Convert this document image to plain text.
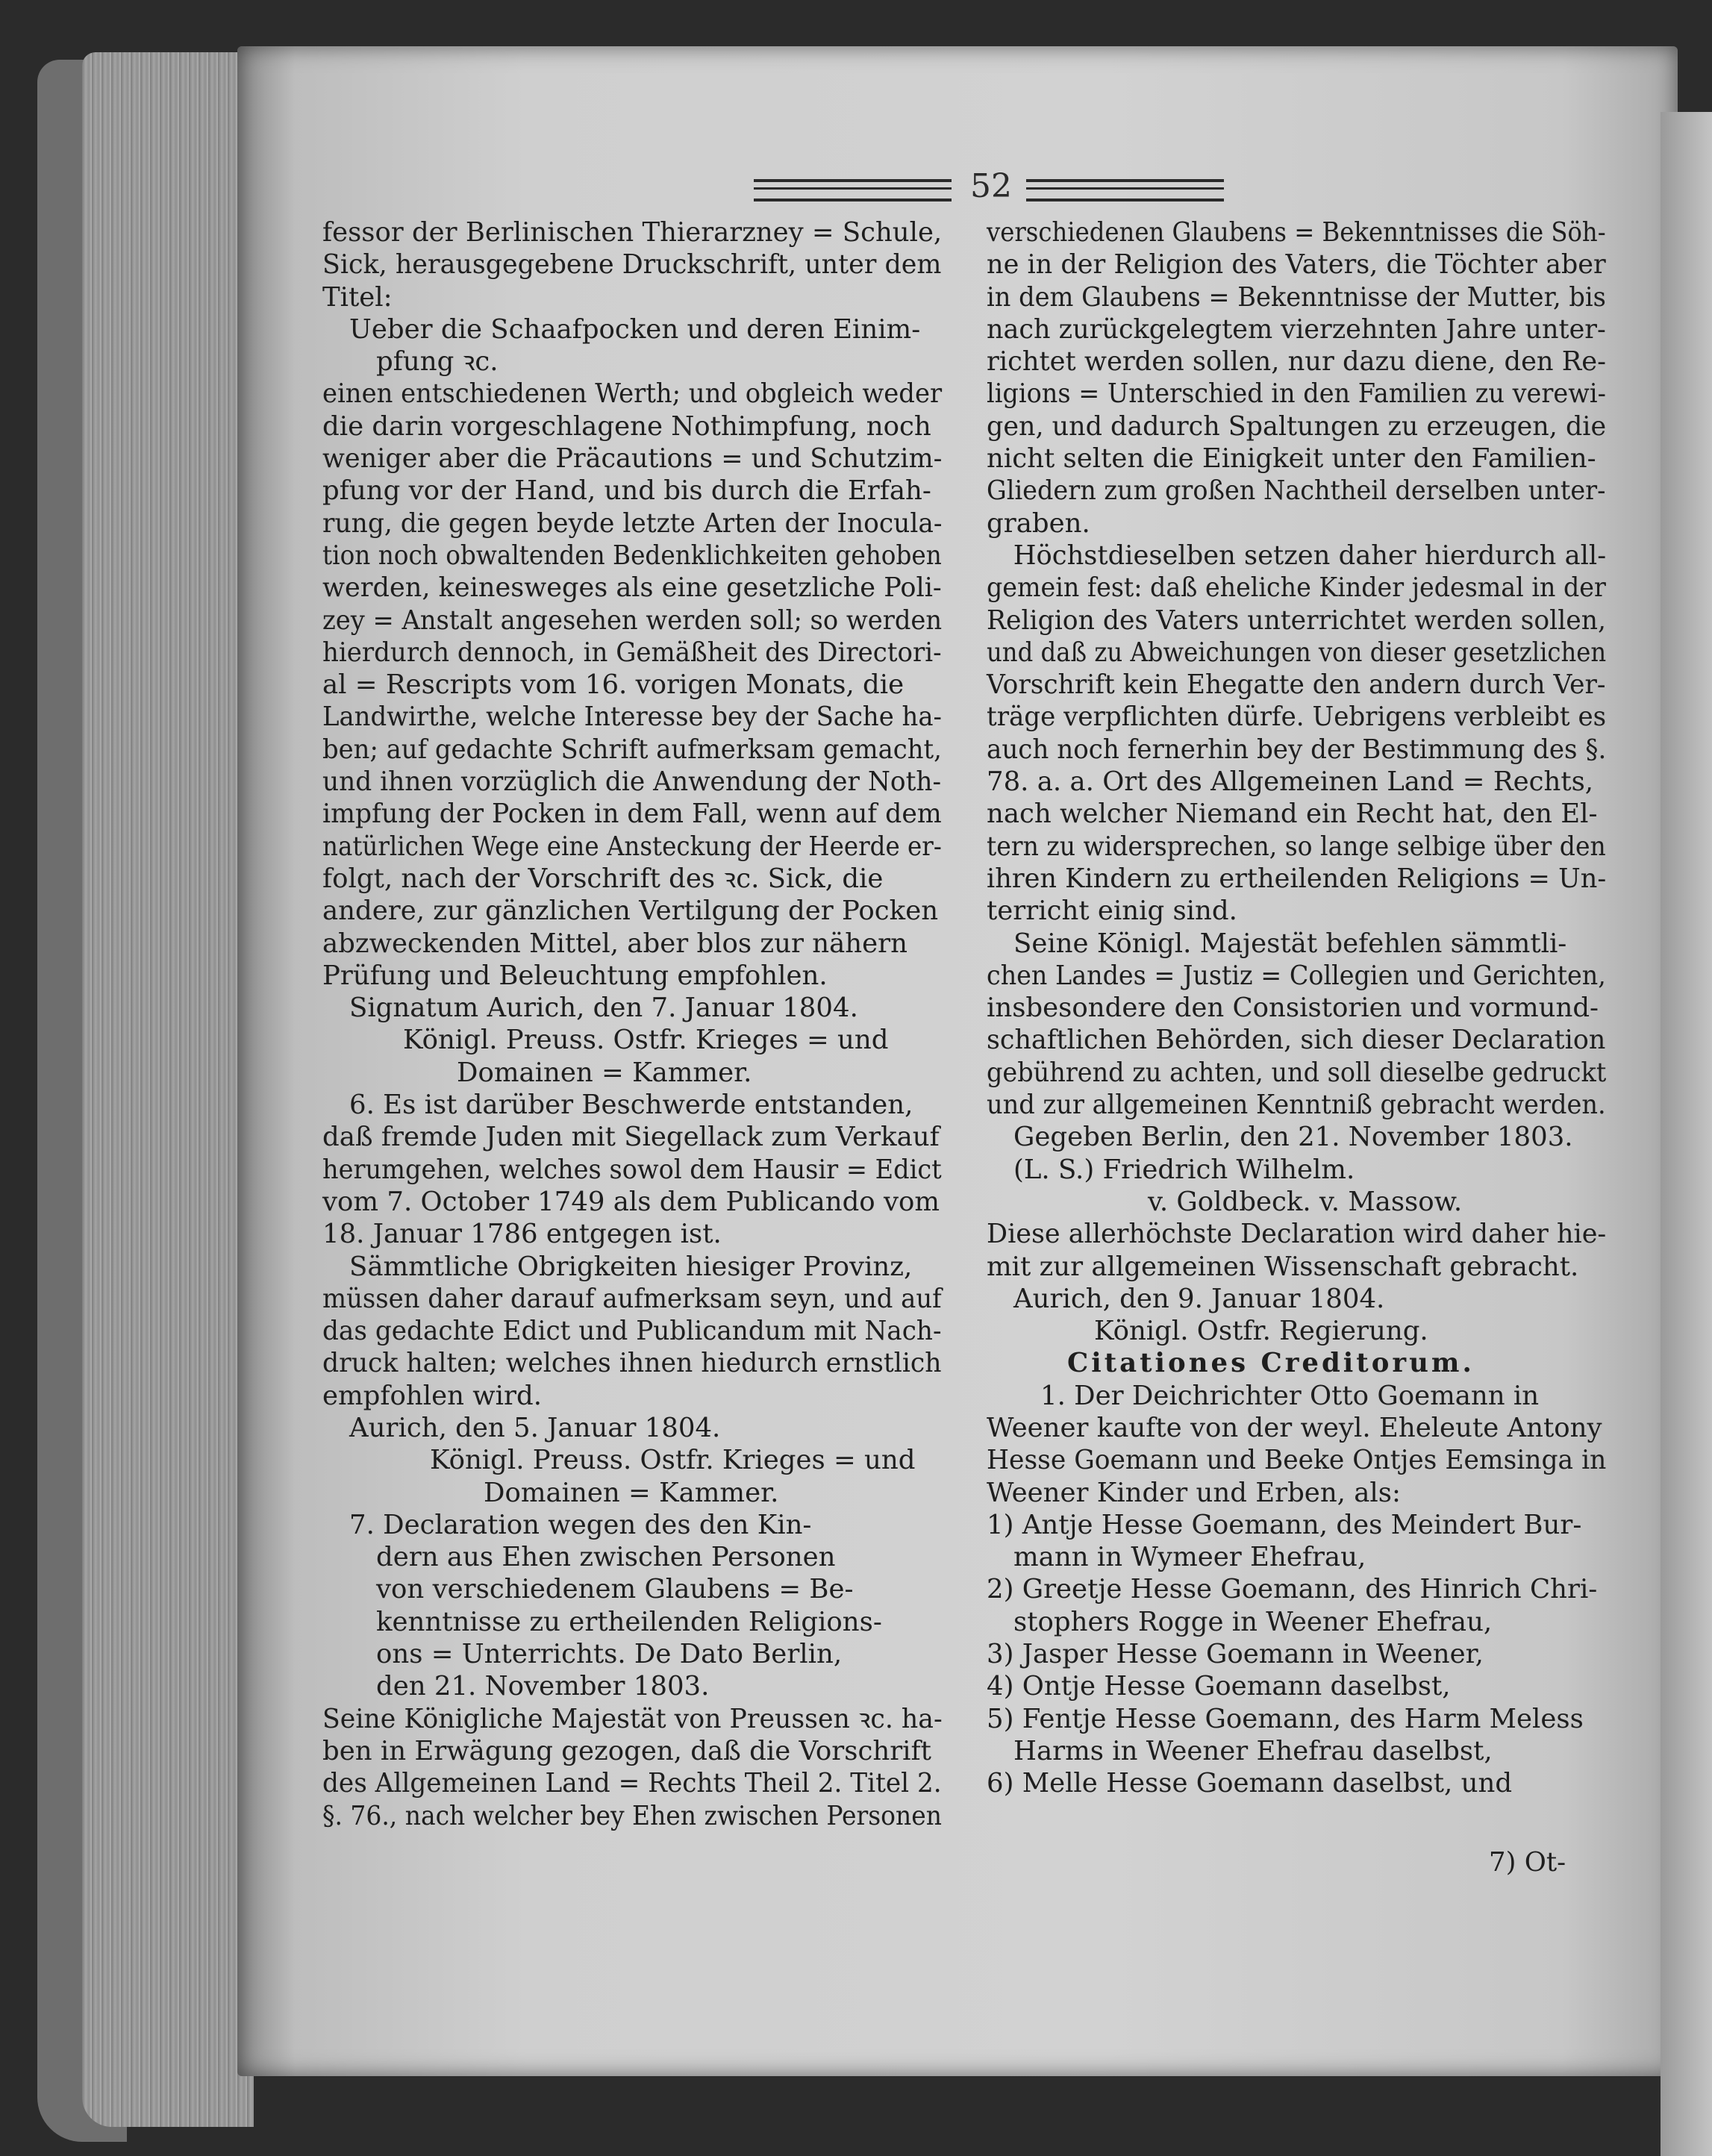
52
fessor der Berlinischen Thierarzney = Schule,
Sick, herausgegebene Druckschrift, unter dem
Titel:
Ueber die Schaafpocken und deren Einim-
pfung ꝛc.
einen entschiedenen Werth; und obgleich weder
die darin vorgeschlagene Nothimpfung, noch
weniger aber die Präcautions = und Schutzim-
pfung vor der Hand, und bis durch die Erfah-
rung, die gegen beyde letzte Arten der Inocula-
tion noch obwaltenden Bedenklichkeiten gehoben
werden, keinesweges als eine gesetzliche Poli-
zey = Anstalt angesehen werden soll; so werden
hierdurch dennoch, in Gemäßheit des Directori-
al = Rescripts vom 16. vorigen Monats, die
Landwirthe, welche Interesse bey der Sache ha-
ben; auf gedachte Schrift aufmerksam gemacht,
und ihnen vorzüglich die Anwendung der Noth-
impfung der Pocken in dem Fall, wenn auf dem
natürlichen Wege eine Ansteckung der Heerde er-
folgt, nach der Vorschrift des ꝛc. Sick, die
andere, zur gänzlichen Vertilgung der Pocken
abzweckenden Mittel, aber blos zur nähern
Prüfung und Beleuchtung empfohlen.
Signatum Aurich, den 7. Januar 1804.
Königl. Preuss. Ostfr. Krieges = und
Domainen = Kammer.
6. Es ist darüber Beschwerde entstanden,
daß fremde Juden mit Siegellack zum Verkauf
herumgehen, welches sowol dem Hausir = Edict
vom 7. October 1749 als dem Publicando vom
18. Januar 1786 entgegen ist.
Sämmtliche Obrigkeiten hiesiger Provinz,
müssen daher darauf aufmerksam seyn, und auf
das gedachte Edict und Publicandum mit Nach-
druck halten; welches ihnen hiedurch ernstlich
empfohlen wird.
Aurich, den 5. Januar 1804.
Königl. Preuss. Ostfr. Krieges = und
Domainen = Kammer.
7. Declaration wegen des den Kin-
dern aus Ehen zwischen Personen
von verschiedenem Glaubens = Be-
kenntnisse zu ertheilenden Religions-
ons = Unterrichts. De Dato Berlin,
den 21. November 1803.
Seine Königliche Majestät von Preussen ꝛc. ha-
ben in Erwägung gezogen, daß die Vorschrift
des Allgemeinen Land = Rechts Theil 2. Titel 2.
§. 76., nach welcher bey Ehen zwischen Personen
verschiedenen Glaubens = Bekenntnisses die Söh-
ne in der Religion des Vaters, die Töchter aber
in dem Glaubens = Bekenntnisse der Mutter, bis
nach zurückgelegtem vierzehnten Jahre unter-
richtet werden sollen, nur dazu diene, den Re-
ligions = Unterschied in den Familien zu verewi-
gen, und dadurch Spaltungen zu erzeugen, die
nicht selten die Einigkeit unter den Familien-
Gliedern zum großen Nachtheil derselben unter-
graben.
Höchstdieselben setzen daher hierdurch all-
gemein fest: daß eheliche Kinder jedesmal in der
Religion des Vaters unterrichtet werden sollen,
und daß zu Abweichungen von dieser gesetzlichen
Vorschrift kein Ehegatte den andern durch Ver-
träge verpflichten dürfe. Uebrigens verbleibt es
auch noch fernerhin bey der Bestimmung des §.
78. a. a. Ort des Allgemeinen Land = Rechts,
nach welcher Niemand ein Recht hat, den El-
tern zu widersprechen, so lange selbige über den
ihren Kindern zu ertheilenden Religions = Un-
terricht einig sind.
Seine Königl. Majestät befehlen sämmtli-
chen Landes = Justiz = Collegien und Gerichten,
insbesondere den Consistorien und vormund-
schaftlichen Behörden, sich dieser Declaration
gebührend zu achten, und soll dieselbe gedruckt
und zur allgemeinen Kenntniß gebracht werden.
Gegeben Berlin, den 21. November 1803.
(L. S.) Friedrich Wilhelm.
v. Goldbeck. v. Massow.
Diese allerhöchste Declaration wird daher hie-
mit zur allgemeinen Wissenschaft gebracht.
Aurich, den 9. Januar 1804.
Königl. Ostfr. Regierung.
Citationes Creditorum.
1. Der Deichrichter Otto Goemann in
Weener kaufte von der weyl. Eheleute Antony
Hesse Goemann und Beeke Ontjes Eemsinga in
Weener Kinder und Erben, als:
1) Antje Hesse Goemann, des Meindert Bur-
mann in Wymeer Ehefrau,
2) Greetje Hesse Goemann, des Hinrich Chri-
stophers Rogge in Weener Ehefrau,
3) Jasper Hesse Goemann in Weener,
4) Ontje Hesse Goemann daselbst,
5) Fentje Hesse Goemann, des Harm Meless
Harms in Weener Ehefrau daselbst,
6) Melle Hesse Goemann daselbst, und
7) Ot-
